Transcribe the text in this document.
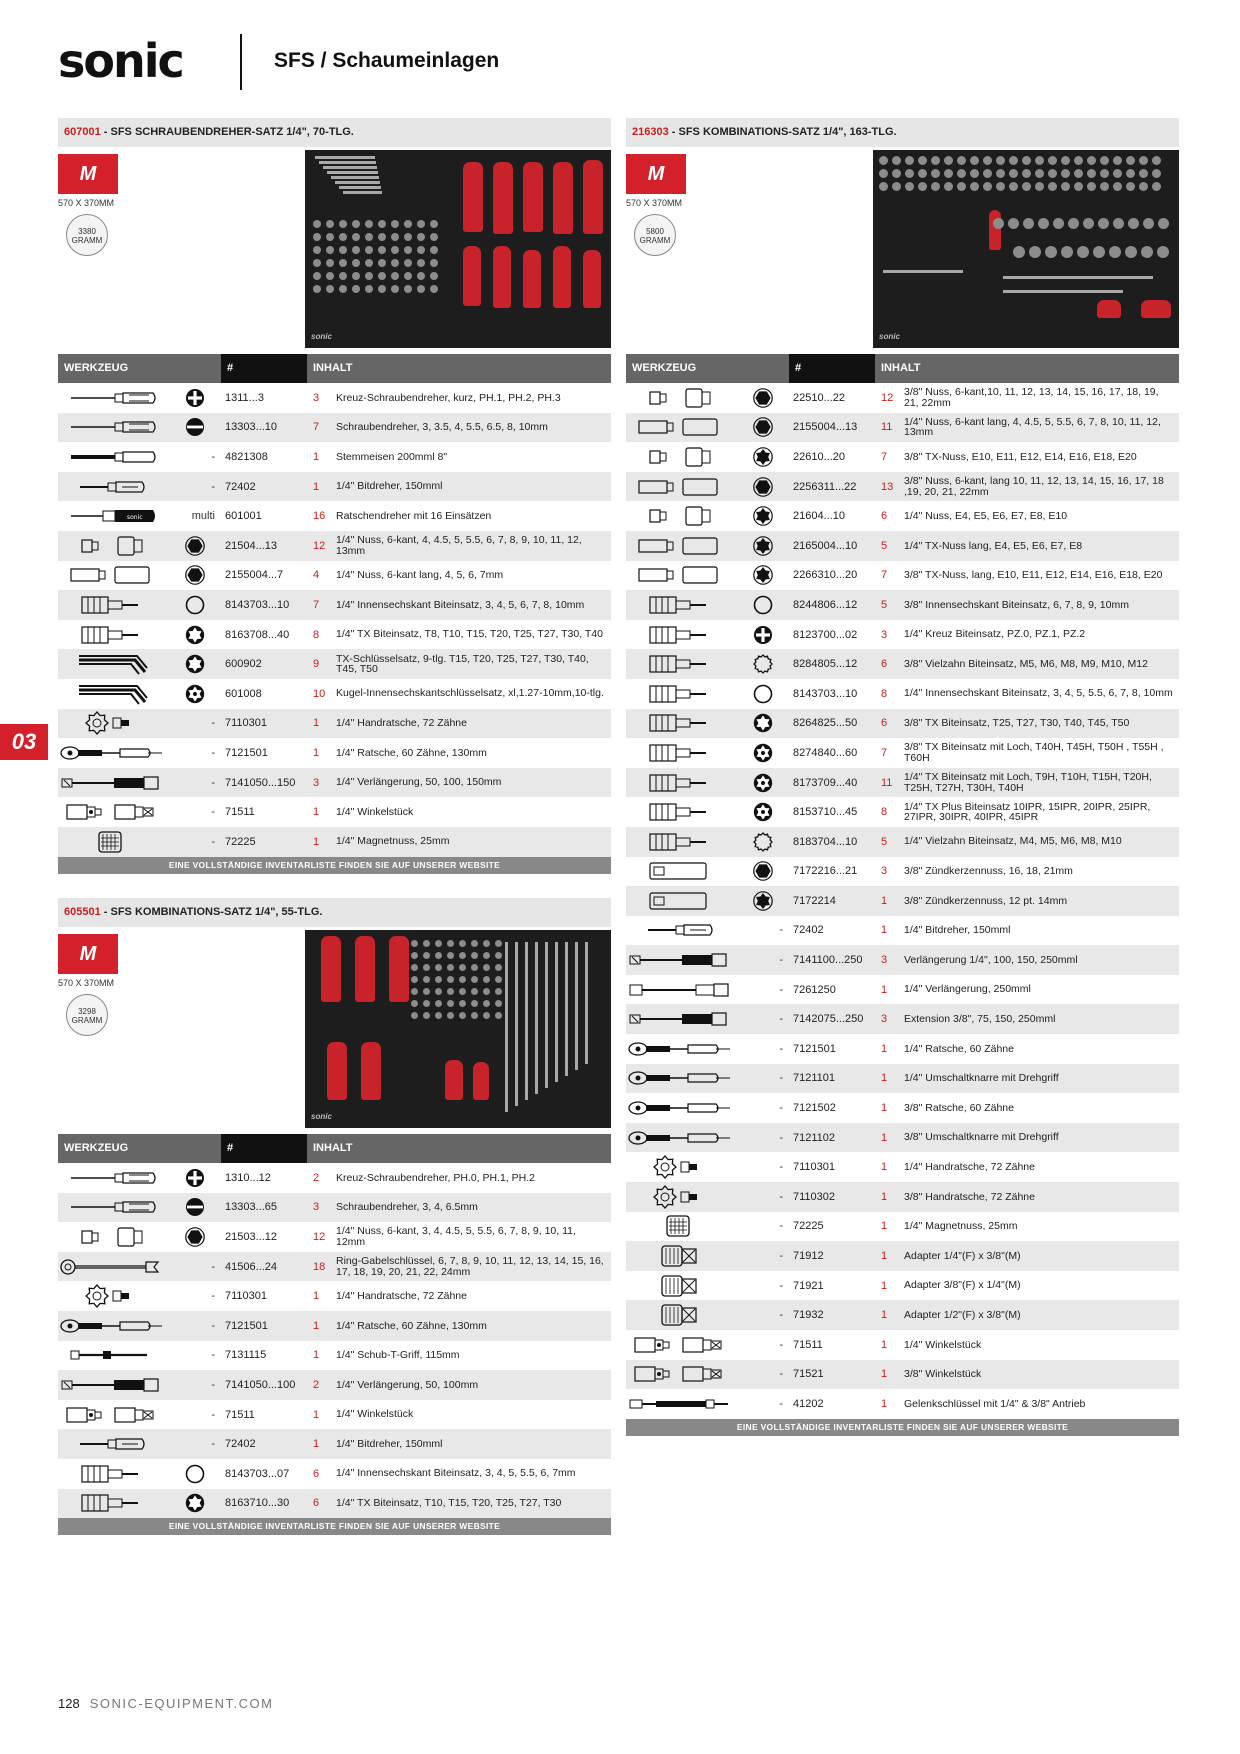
sonic	SFS / Schaumeinlagen
03
607001 - SFS SCHRAUBENDREHER-SATZ 1/4", 70-TLG.
M
570 X 370MM
3380
GRAMM
sonic
WERKZEUG	#	INHALT
1311...3	3	Kreuz-Schraubendreher, kurz, PH.1, PH.2, PH.3
13303...10	7	Schraubendreher, 3, 3.5, 4, 5.5, 6.5, 8, 10mm
- 4821308	1	Stemmeisen 200mml 8"
- 72402	1	1/4" Bitdreher, 150mml
sonic	multi 601001	16	Ratschendreher mit 16 Einsätzen
21504...13	12	1/4" Nuss, 6-kant, 4, 4.5, 5, 5.5, 6, 7, 8, 9, 10, 11, 12, 13mm
2155004...7	4	1/4" Nuss, 6-kant lang, 4, 5, 6, 7mm
8143703...10	7	1/4" Innensechskant Biteinsatz, 3, 4, 5, 6, 7, 8, 10mm
8163708...40	8	1/4" TX Biteinsatz, T8, T10, T15, T20, T25, T27, T30, T40
600902	9	TX-Schlüsselsatz, 9-tlg. T15, T20, T25, T27, T30, T40, T45, T50
601008	10	Kugel-Innensechskantschlüsselsatz, xl,1.27-10mm,10-tlg.
- 7110301	1	1/4" Handratsche, 72 Zähne
- 7121501	1	1/4" Ratsche, 60 Zähne, 130mm
- 7141050...150	3	1/4" Verlängerung, 50, 100, 150mm
- 71511	1	1/4" Winkelstück
- 72225	1	1/4" Magnetnuss, 25mm
EINE VOLLSTÄNDIGE INVENTARLISTE FINDEN SIE AUF UNSERER WEBSITE
605501 - SFS KOMBINATIONS-SATZ 1/4", 55-TLG.
M
570 X 370MM
3298
GRAMM
sonic
WERKZEUG	#	INHALT
1310...12	2	Kreuz-Schraubendreher, PH.0, PH.1, PH.2
13303...65	3	Schraubendreher, 3, 4, 6.5mm
21503...12	12	1/4" Nuss, 6-kant, 3, 4, 4.5, 5, 5.5, 6, 7, 8, 9, 10, 11, 12mm
- 41506...24	18	Ring-Gabelschlüssel, 6, 7, 8, 9, 10, 11, 12, 13, 14, 15, 16, 17, 18, 19, 20, 21, 22, 24mm
- 7110301	1	1/4" Handratsche, 72 Zähne
- 7121501	1	1/4" Ratsche, 60 Zähne, 130mm
- 7131115	1	1/4" Schub-T-Griff, 115mm
- 7141050...100	2	1/4" Verlängerung, 50, 100mm
- 71511	1	1/4" Winkelstück
- 72402	1	1/4" Bitdreher, 150mml
8143703...07	6	1/4" Innensechskant Biteinsatz, 3, 4, 5, 5.5, 6, 7mm
8163710...30	6	1/4" TX Biteinsatz, T10, T15, T20, T25, T27, T30
EINE VOLLSTÄNDIGE INVENTARLISTE FINDEN SIE AUF UNSERER WEBSITE
216303 - SFS KOMBINATIONS-SATZ 1/4", 163-TLG.
M
570 X 370MM
5800
GRAMM
sonic
WERKZEUG	#	INHALT
22510...22	12	3/8" Nuss, 6-kant,10, 11, 12, 13, 14, 15, 16, 17, 18, 19, 21, 22mm
2155004...13	11	1/4" Nuss, 6-kant lang, 4, 4.5, 5, 5.5, 6, 7, 8, 10, 11, 12, 13mm
22610...20	7	3/8" TX-Nuss, E10, E11, E12, E14, E16, E18, E20
2256311...22	13	3/8" Nuss, 6-kant, lang 10, 11, 12, 13, 14, 15, 16, 17, 18 ,19, 20, 21, 22mm
21604...10	6	1/4" Nuss, E4, E5, E6, E7, E8, E10
2165004...10	5	1/4" TX-Nuss lang, E4, E5, E6, E7, E8
2266310...20	7	3/8" TX-Nuss, lang, E10, E11, E12, E14, E16, E18, E20
8244806...12	5	3/8" Innensechskant Biteinsatz, 6, 7, 8, 9, 10mm
8123700...02	3	1/4" Kreuz Biteinsatz, PZ.0, PZ.1, PZ.2
8284805...12	6	3/8" Vielzahn Biteinsatz, M5, M6, M8, M9, M10, M12
8143703...10	8	1/4" Innensechskant Biteinsatz, 3, 4, 5, 5.5, 6, 7, 8, 10mm
8264825...50	6	3/8" TX Biteinsatz, T25, T27, T30, T40, T45, T50
8274840...60	7	3/8" TX Biteinsatz mit Loch, T40H, T45H, T50H , T55H , T60H
8173709...40	11	1/4" TX Biteinsatz mit Loch, T9H, T10H, T15H, T20H, T25H, T27H, T30H, T40H
8153710...45	8	1/4" TX Plus Biteinsatz 10IPR, 15IPR, 20IPR, 25IPR, 27IPR, 30IPR, 40IPR, 45IPR
8183704...10	5	1/4" Vielzahn Biteinsatz, M4, M5, M6, M8, M10
7172216...21	3	3/8" Zündkerzennuss, 16, 18, 21mm
7172214	1	3/8" Zündkerzennuss, 12 pt. 14mm
- 72402	1	1/4" Bitdreher, 150mml
- 7141100...250	3	Verlängerung 1/4", 100, 150, 250mml
- 7261250	1	1/4" Verlängerung, 250mml
- 7142075...250	3	Extension 3/8", 75, 150, 250mml
- 7121501	1	1/4" Ratsche, 60 Zähne
- 7121101	1	1/4" Umschaltknarre mit Drehgriff
- 7121502	1	3/8" Ratsche, 60 Zähne
- 7121102	1	3/8" Umschaltknarre mit Drehgriff
- 7110301	1	1/4" Handratsche, 72 Zähne
- 7110302	1	3/8" Handratsche, 72 Zähne
- 72225	1	1/4" Magnetnuss, 25mm
- 71912	1	Adapter 1/4"(F) x 3/8"(M)
- 71921	1	Adapter 3/8"(F) x 1/4"(M)
- 71932	1	Adapter 1/2"(F) x 3/8"(M)
- 71511	1	1/4" Winkelstück
- 71521	1	3/8" Winkelstück
- 41202	1	Gelenkschlüssel mit 1/4" & 3/8" Antrieb
EINE VOLLSTÄNDIGE INVENTARLISTE FINDEN SIE AUF UNSERER WEBSITE
128 SONIC-EQUIPMENT.COM
